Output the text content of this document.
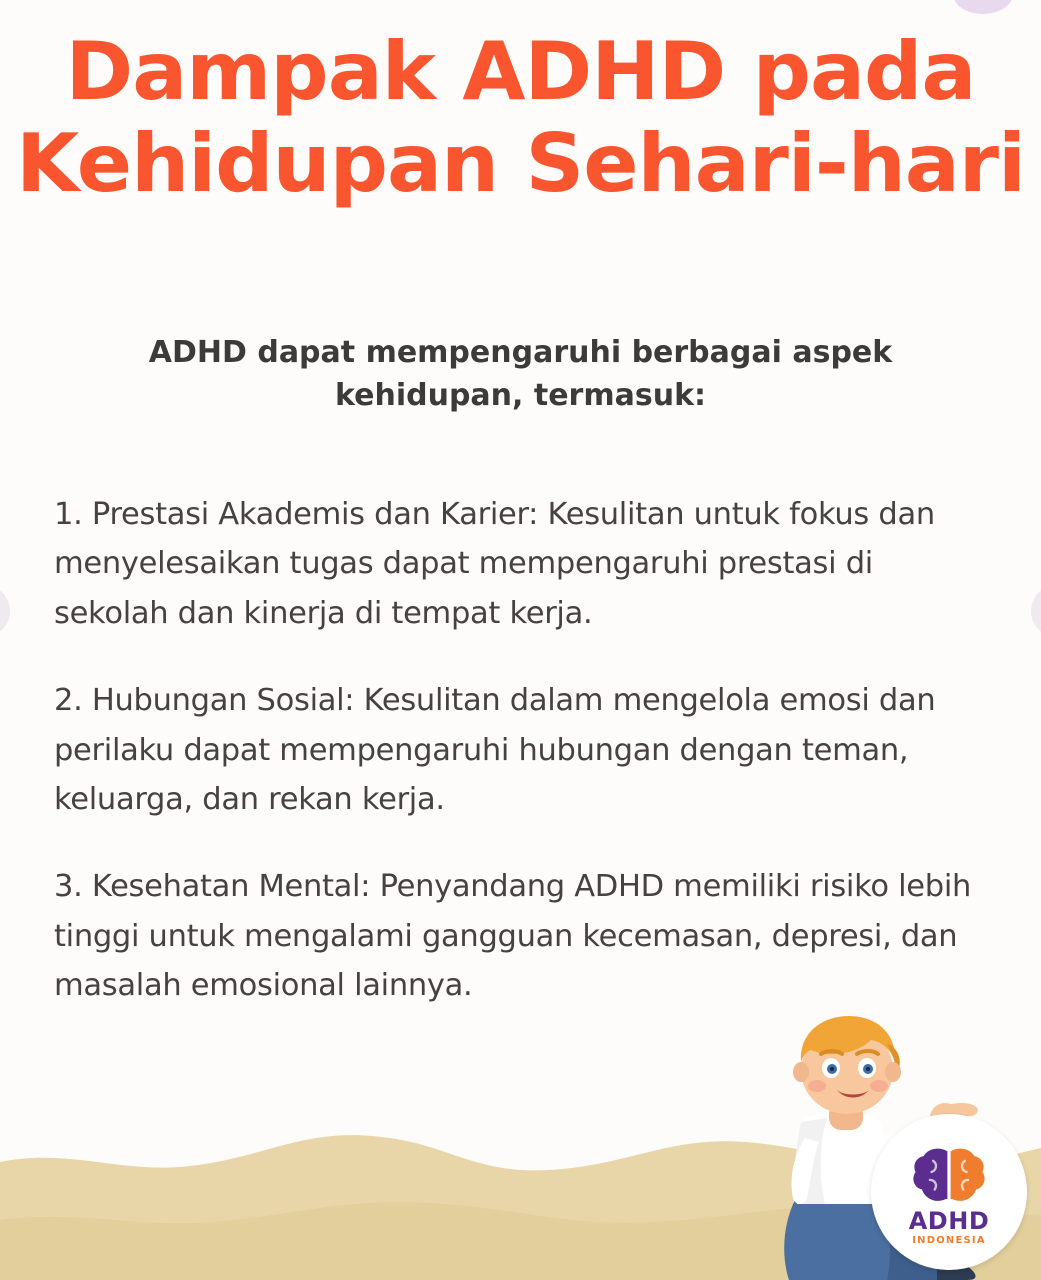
Dampak ADHD pada
Kehidupan Sehari-hari
ADHD dapat mempengaruhi berbagai aspek kehidupan, termasuk:

1. Prestasi Akademis dan Karier: Kesulitan untuk fokus dan menyelesaikan tugas dapat mempengaruhi prestasi di sekolah dan kinerja di tempat kerja.

2. Hubungan Sosial: Kesulitan dalam mengelola emosi dan perilaku dapat mempengaruhi hubungan dengan teman, keluarga, dan rekan kerja.

3. Kesehatan Mental: Penyandang ADHD memiliki risiko lebih tinggi untuk mengalami gangguan kecemasan, depresi, dan masalah emosional lainnya.

ADHD
INDONESIA
